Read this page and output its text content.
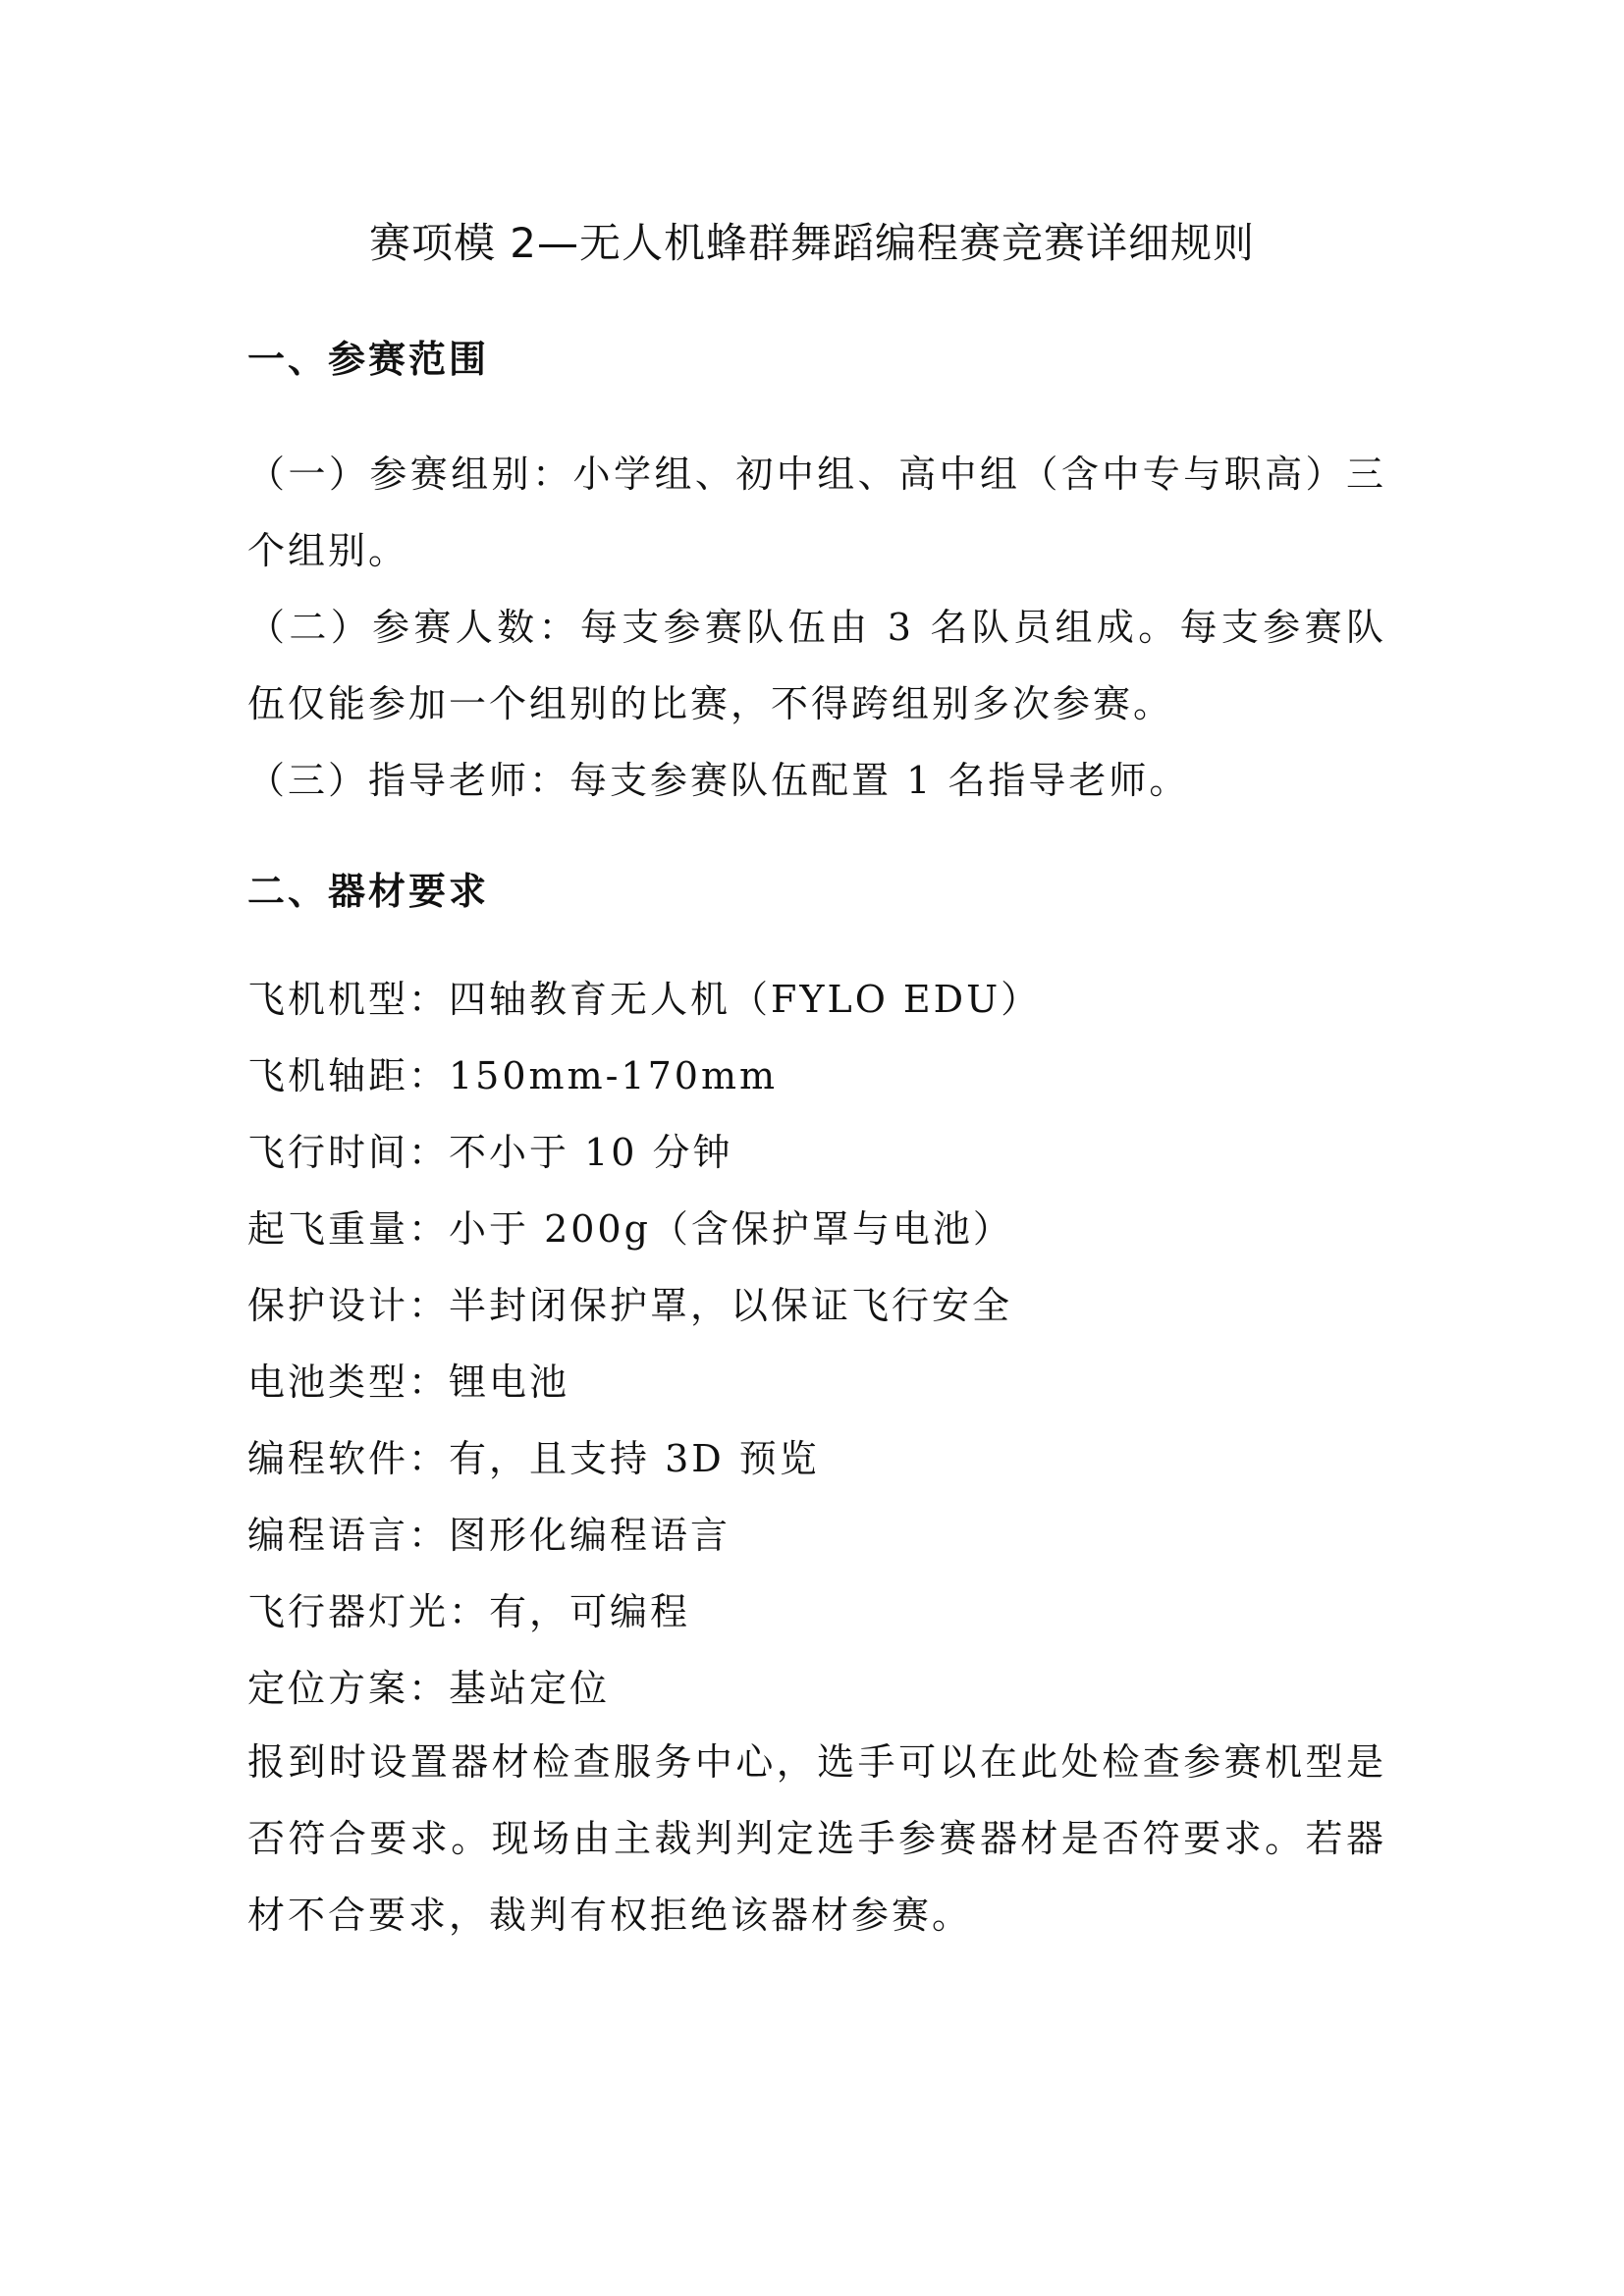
赛项模 2—无人机蜂群舞蹈编程赛竞赛详细规则
一、参赛范围
（一）参赛组别：小学组、初中组、高中组（含中专与职高）三个组别。
（二）参赛人数：每支参赛队伍由 3 名队员组成。每支参赛队伍仅能参加一个组别的比赛，不得跨组别多次参赛。
（三）指导老师：每支参赛队伍配置 1 名指导老师。
二、器材要求
飞机机型：四轴教育无人机（FYLO EDU）
飞机轴距：150mm-170mm
飞行时间：不小于 10 分钟
起飞重量：小于 200g（含保护罩与电池）
保护设计：半封闭保护罩，以保证飞行安全
电池类型：锂电池
编程软件：有，且支持 3D 预览
编程语言：图形化编程语言
飞行器灯光：有，可编程
定位方案：基站定位
报到时设置器材检查服务中心，选手可以在此处检查参赛机型是否符合要求。现场由主裁判判定选手参赛器材是否符要求。若器材不合要求，裁判有权拒绝该器材参赛。
